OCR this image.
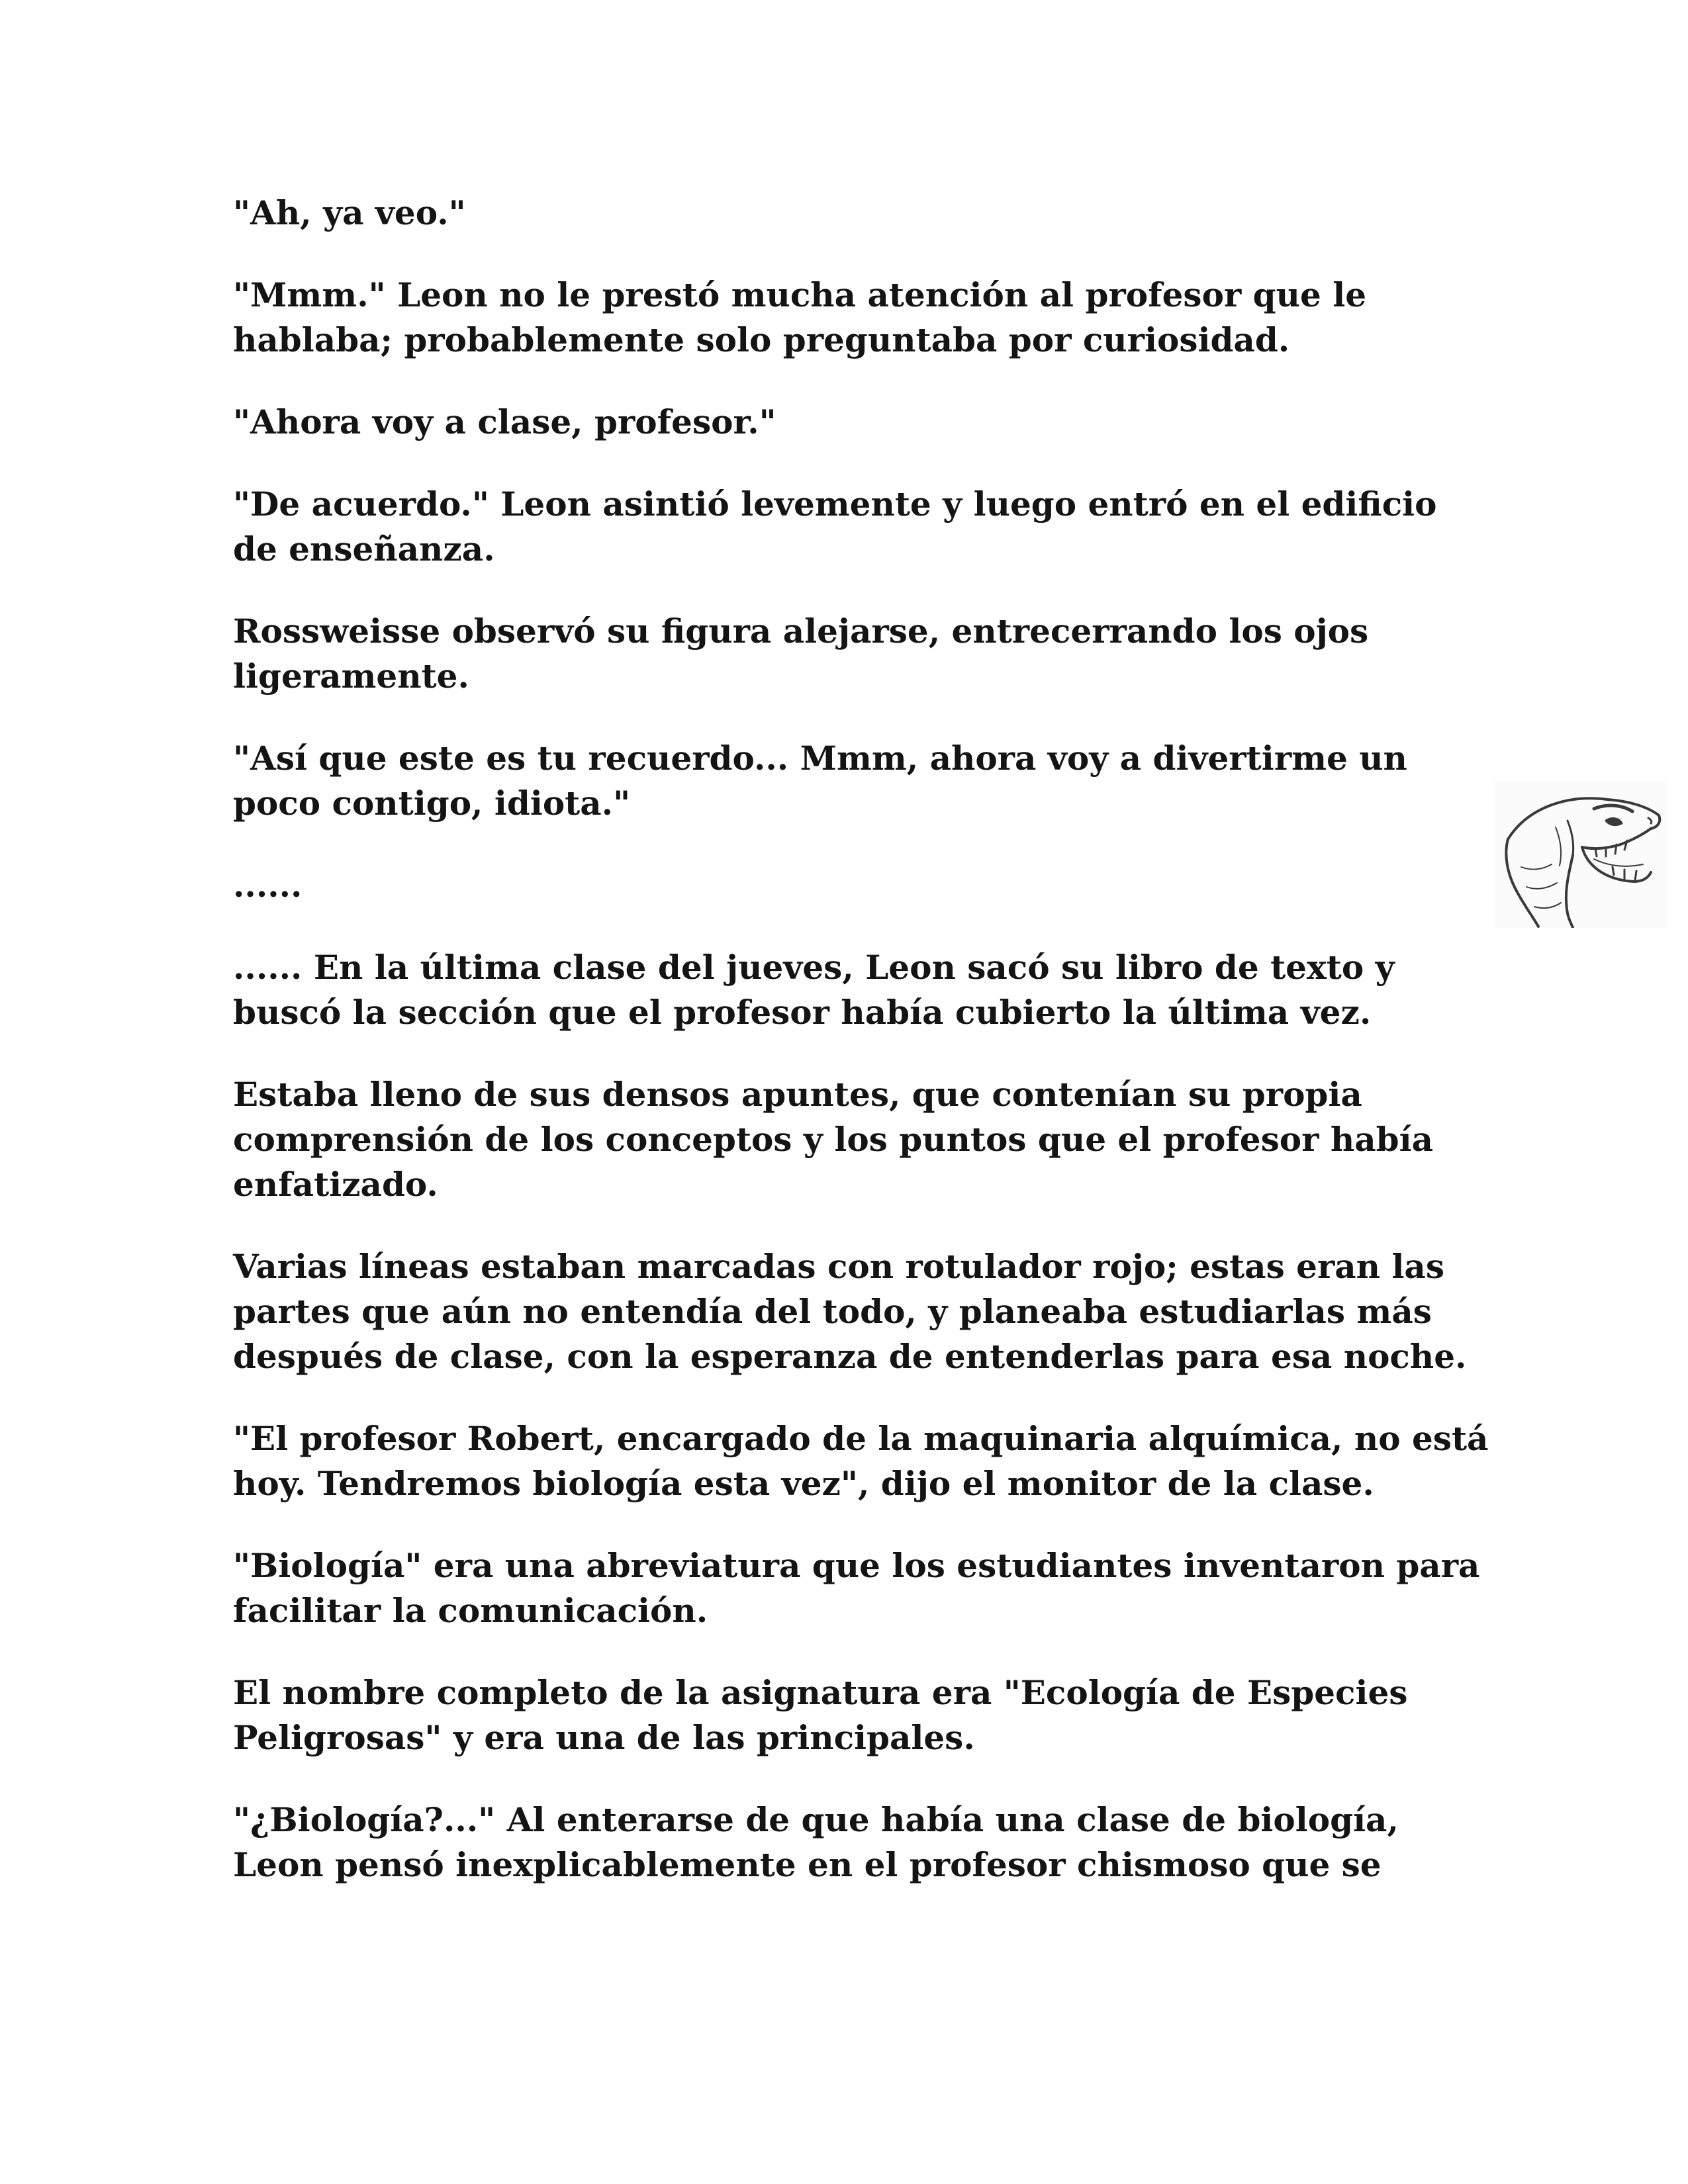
"Ah, ya veo."

"Mmm." Leon no le prestó mucha atención al profesor que le hablaba; probablemente solo preguntaba por curiosidad.

"Ahora voy a clase, profesor."

"De acuerdo." Leon asintió levemente y luego entró en el edificio de enseñanza.

Rossweisse observó su figura alejarse, entrecerrando los ojos ligeramente.

"Así que este es tu recuerdo... Mmm, ahora voy a divertirme un poco contigo, idiota."

......

...... En la última clase del jueves, Leon sacó su libro de texto y buscó la sección que el profesor había cubierto la última vez.

Estaba lleno de sus densos apuntes, que contenían su propia comprensión de los conceptos y los puntos que el profesor había enfatizado.

Varias líneas estaban marcadas con rotulador rojo; estas eran las partes que aún no entendía del todo, y planeaba estudiarlas más después de clase, con la esperanza de entenderlas para esa noche.

"El profesor Robert, encargado de la maquinaria alquímica, no está hoy. Tendremos biología esta vez", dijo el monitor de la clase.

"Biología" era una abreviatura que los estudiantes inventaron para facilitar la comunicación.

El nombre completo de la asignatura era "Ecología de Especies Peligrosas" y era una de las principales.

"¿Biología?..." Al enterarse de que había una clase de biología, Leon pensó inexplicablemente en el profesor chismoso que se
